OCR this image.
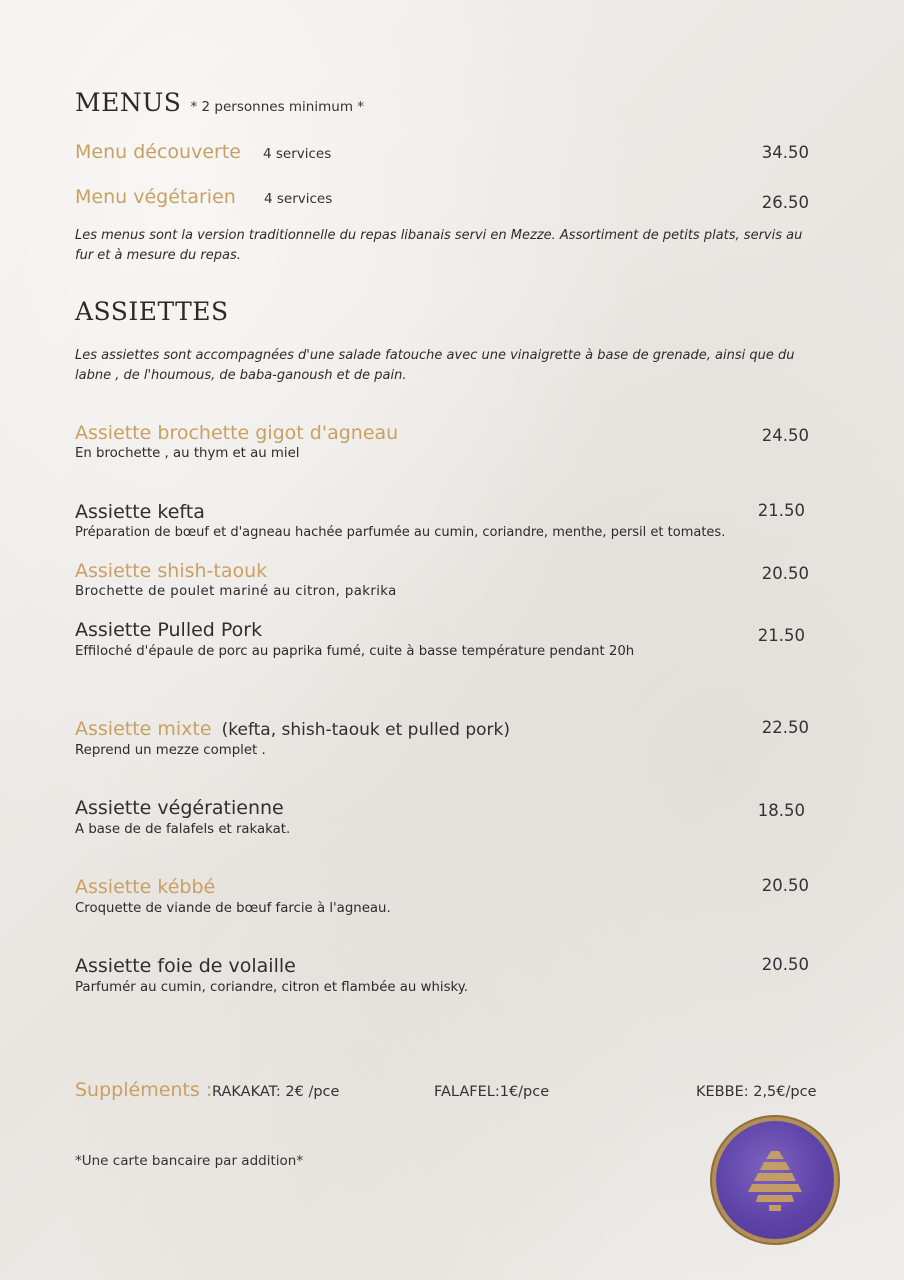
MENUS * 2 personnes minimum *
Menu découverte 4 services	34.50
Menu végétarien 4 services	26.50
Les menus sont la version traditionnelle du repas libanais servi en Mezze. Assortiment de petits plats, servis au fur et à mesure du repas.
ASSIETTES
Les assiettes sont accompagnées d'une salade fatouche avec une vinaigrette à base de grenade, ainsi que du labne , de l'houmous, de baba-ganoush et de pain.
Assiette brochette gigot d'agneau
En brochette , au thym et au miel
24.50
Assiette kefta
Préparation de bœuf et d'agneau hachée parfumée au cumin, coriandre, menthe, persil et tomates.
21.50
Assiette shish-taouk
Brochette de poulet mariné au citron, pakrika
20.50
Assiette Pulled Pork
Effiloché d'épaule de porc au paprika fumé, cuite à basse température pendant 20h
21.50
Assiette mixte (kefta, shish-taouk et pulled pork)
Reprend un mezze complet .
22.50
Assiette végératienne
A base de de falafels et rakakat.
18.50
Assiette kébbé
Croquette de viande de bœuf farcie à l'agneau.
20.50
Assiette foie de volaille
Parfumér au cumin, coriandre, citron et flambée au whisky.
20.50
Suppléments : RAKAKAT: 2€ /pce	FALAFEL:1€/pce	KEBBE: 2,5€/pce
*Une carte bancaire par addition*
